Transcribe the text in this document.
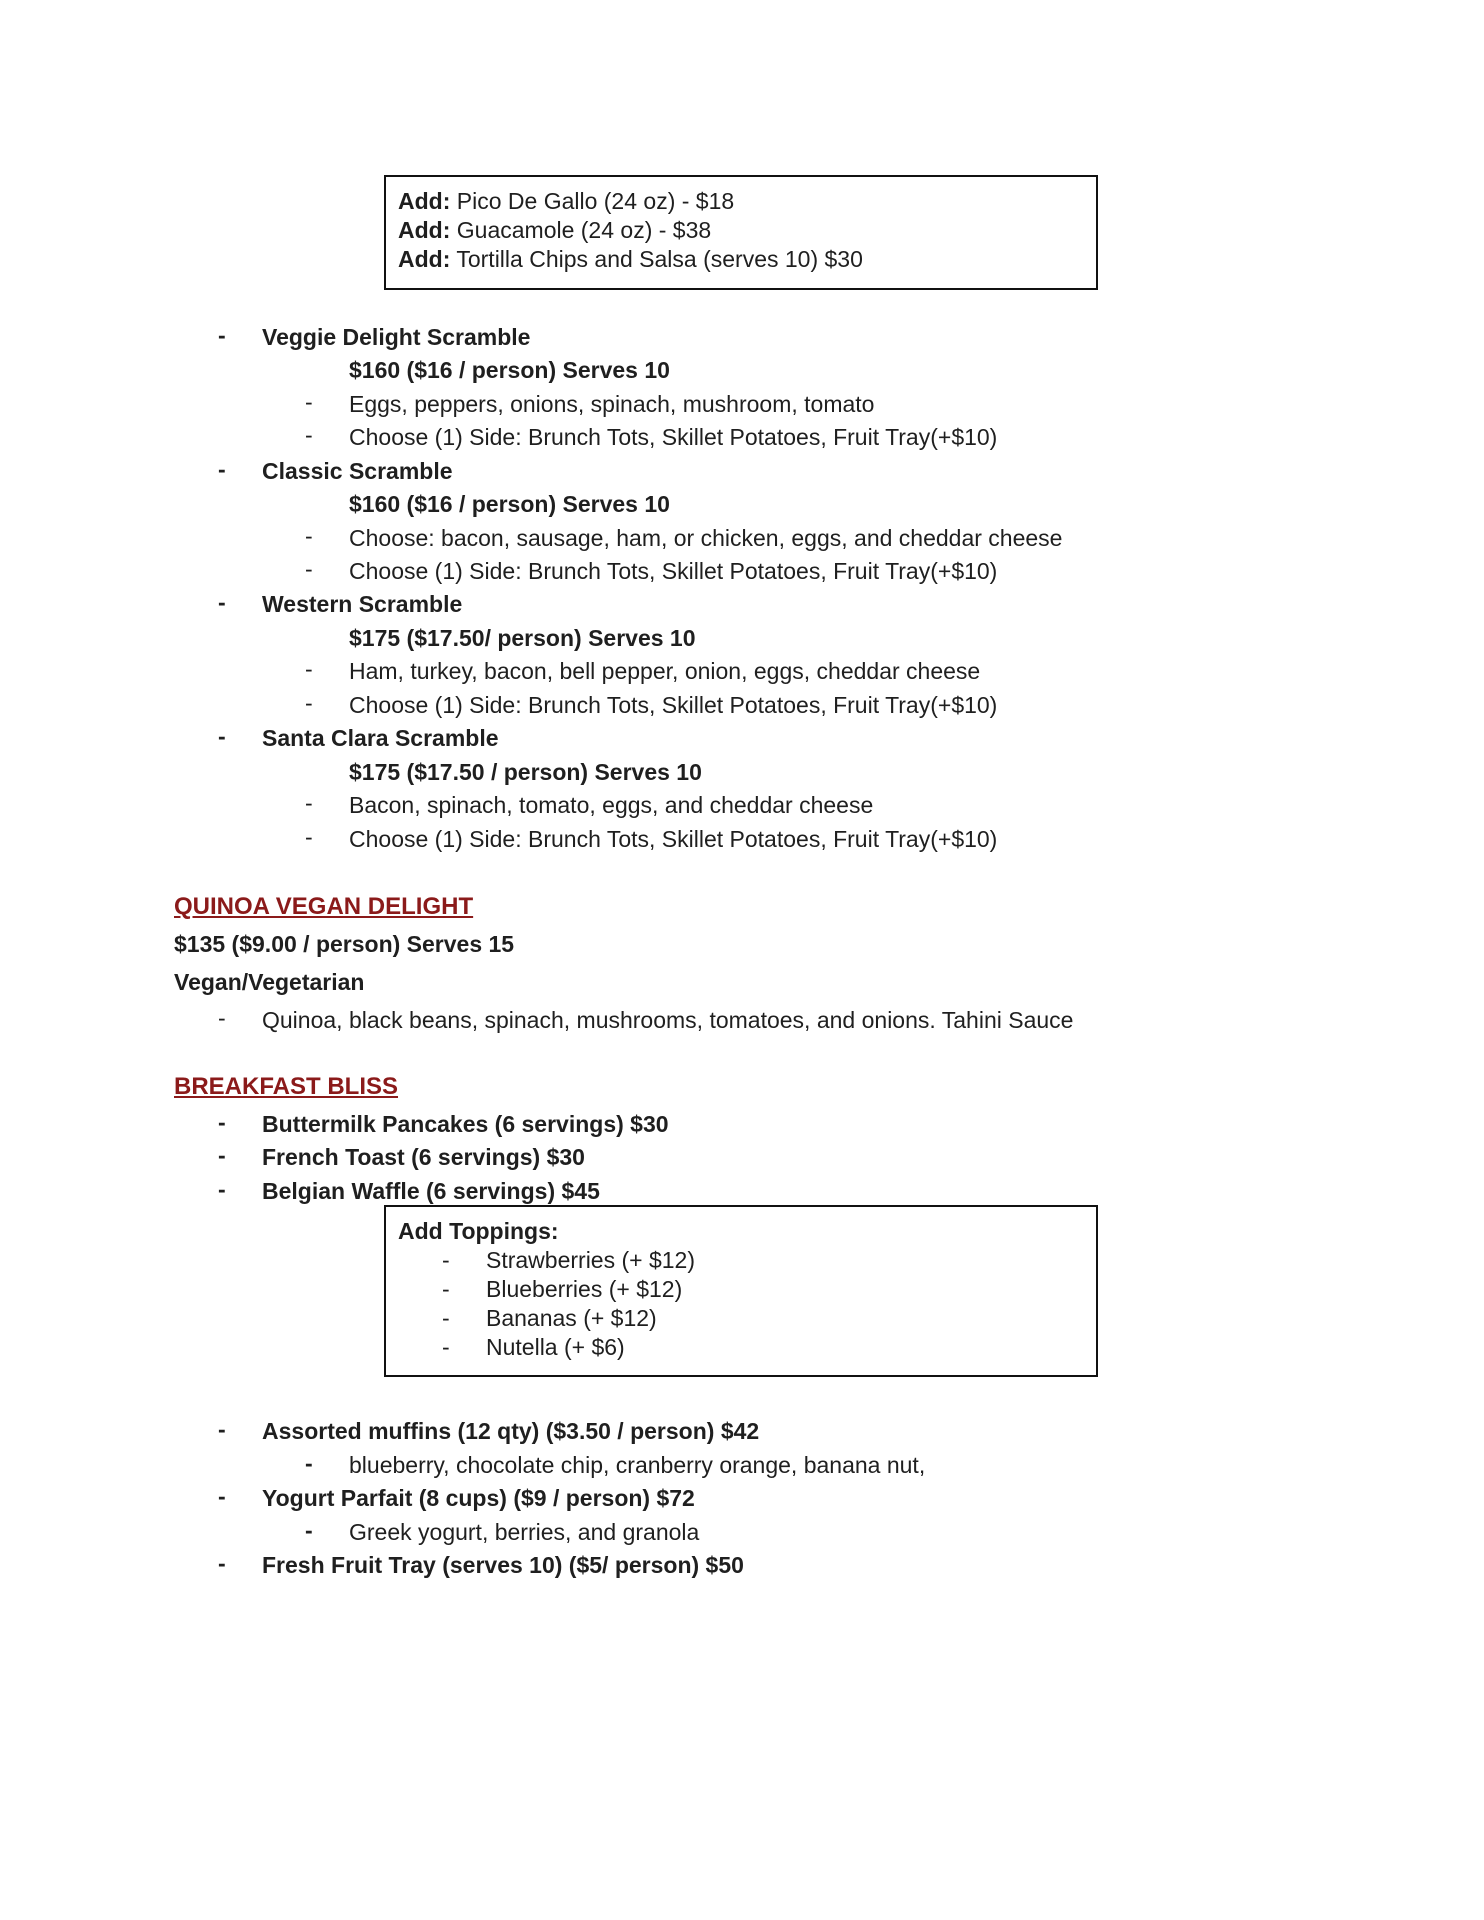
Add: Pico De Gallo (24 oz) - $18
Add: Guacamole (24 oz) - $38
Add: Tortilla Chips and Salsa (serves 10) $30
- Veggie Delight Scramble
$160 ($16 / person) Serves 10
- Eggs, peppers, onions, spinach, mushroom, tomato
- Choose (1) Side: Brunch Tots, Skillet Potatoes, Fruit Tray(+$10)
- Classic Scramble
$160 ($16 / person) Serves 10
- Choose: bacon, sausage, ham, or chicken, eggs, and cheddar cheese
- Choose (1) Side: Brunch Tots, Skillet Potatoes, Fruit Tray(+$10)
- Western Scramble
$175 ($17.50/ person) Serves 10
- Ham, turkey, bacon, bell pepper, onion, eggs, cheddar cheese
- Choose (1) Side: Brunch Tots, Skillet Potatoes, Fruit Tray(+$10)
- Santa Clara Scramble
$175 ($17.50 / person) Serves 10
- Bacon, spinach, tomato, eggs, and cheddar cheese
- Choose (1) Side: Brunch Tots, Skillet Potatoes, Fruit Tray(+$10)
QUINOA VEGAN DELIGHT
$135 ($9.00 / person) Serves 15
Vegan/Vegetarian
- Quinoa, black beans, spinach, mushrooms, tomatoes, and onions. Tahini Sauce
BREAKFAST BLISS
- Buttermilk Pancakes (6 servings) $30
- French Toast (6 servings) $30
- Belgian Waffle (6 servings) $45
Add Toppings:
- Strawberries (+ $12)
- Blueberries (+ $12)
- Bananas (+ $12)
- Nutella (+ $6)
- Assorted muffins (12 qty) ($3.50 / person) $42
- blueberry, chocolate chip, cranberry orange, banana nut,
- Yogurt Parfait (8 cups) ($9 / person) $72
- Greek yogurt, berries, and granola
- Fresh Fruit Tray (serves 10) ($5/ person) $50
